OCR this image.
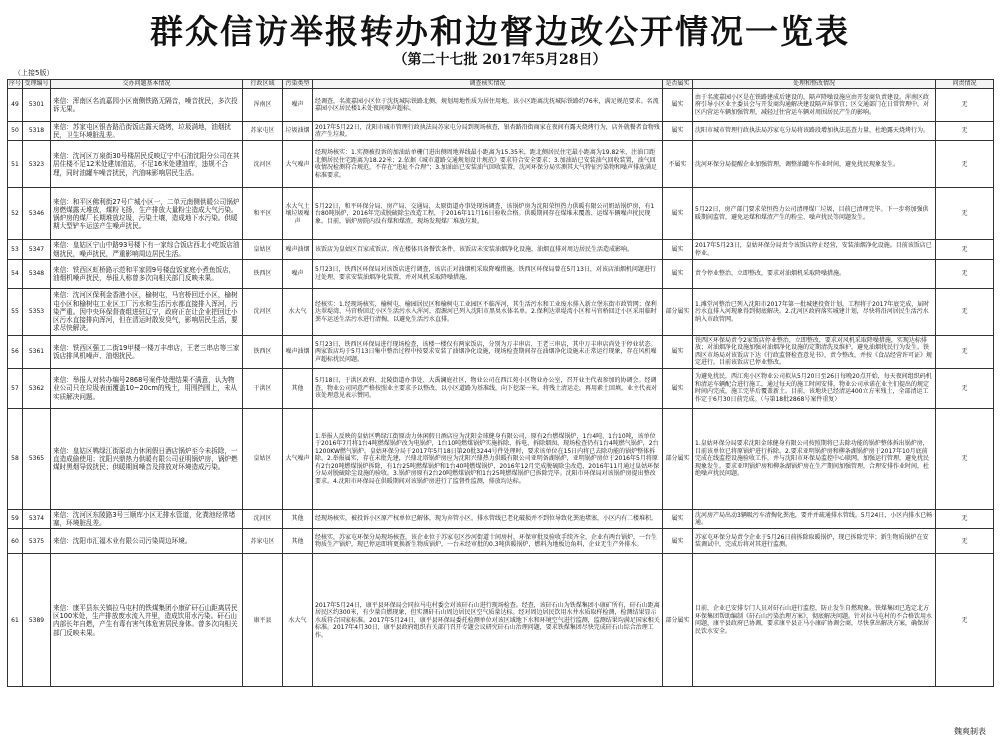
群众信访举报转办和边督边改公开情况一览表
（第二十七批 2017年5月28日）
（上接5版）
序号	受理编号	交办问题基本情况	行政区域	污染类型	调查核实情况	是否属实	处理和整改情况	问责情况
49	5301	来信：浑南区名流嘉园小区南侧铁路无隔音，噪音扰民，多次投诉无果。	浑南区	噪声	经调查，名流嘉园小区位于沈抚城际铁路北侧，规划用地性质为居住用地，该小区距离沈抚城际铁路约76米，满足规范要求。名流嘉园小区居民楼1未处夜间噪声超标。	属实	由于名流嘉园小区是在铁路建成后建设的，隔声降噪设施应由开发商负责建设。浑南区政府引导小区业主委员会与开发商沟通解决建设隔声屏事宜；区交通部门在日常管理中，对区内营运车辆加强管理，减轻过往营运车辆对周围居民产生的影响。	无
50	5318	来信：苏家屯区银杏路沿街饭店露天烧烤，垃圾满地，油烟扰民，卫生环境脏乱差。	苏家屯区	垃圾油烟	2017年5月22日，沈阳市城市管理行政执法局苏家屯分局到现场核查，银杏路沿街商家在夜间有露天烧烤行为，店外就餐者食物残渣产生垃圾。	属实	沈阳市城市管理行政执法局苏家屯分局将该路段增加执法巡查力量，杜绝露天烧烤行为。	无
51	5323	来信：沈河区万泉街30号楼居民反映辽宁中石油沈阳分公司在其居住楼不足12米处建加油站，不足16米处建油库，违规不合理，同时油罐车噪音扰民，汽油味影响居民生活。	沈河区	大气噪声	经现场核实：1.实测被投诉的加油站单栅门进出侧周地界线最小距离为15.35米，距北侧居民住宅最小距离为19.82米，注油口距北侧居民住宅距离为18.22米；2.依据《城市道路交通规划设计规范》要求符合安全要求；3.加油站已安装油气回收装置，油气回收情况检测符合规范，不存在“违址不合理”；3.加油站已安装油气回收装置，沈河环保分局实测其大气特征污染物和噪声排放满足标准要求。	不属实	沈河环保分局提醒企业加强管理，调整油罐车作业时间，避免扰民现象发生。	无
52	5346	来信：和平区佛利街27号广城小区一，二单元南侧供暖公司锅炉房燃煤露天堆放，煤粉飞扬，生产排放大量粉尘造成大气污染。锅炉房的煤厂长期堆放垃圾，污染土壤，造成地下水污染。供暖期大型铲车运送产生噪声扰民。	和平区	水大气土壤垃圾噪声	5月22日，和平环保分局、房产局、交通局、太原街道办事处现场调查，该锅炉房为沈阳荣恒热力供暖有限公司奶站锅炉房，有1台80吨锅炉，2016年完成脱硫除尘改造工程，于2016年11月16日验收合格。供暖期间存在煤堆未覆盖、运煤车辆噪声扰民现象。目前，锅炉房院内没有煤和煤渣，现场发现煤厂堆放垃圾。	属实	5月22日，房产部门要求荣恒热力公司清理煤厂垃圾，目前已清理完毕。下一步将加强供暖期间监管，避免运煤和煤渣产生的粉尘、噪声扰民等问题发生。	无
53	5347	来信：皇姑区宁山中路93号楼下有一家综合饭店西北小吃饭店油烟扰民，噪声扰民，严重影响周边居民生活。	皇姑区	噪声油烟	该饭店为皇姑区百家成饭店，所在楼体具备餐饮条件，该饭店未安装油烟净化设施，油烟直排对周边居民生活造成影响。	属实	2017年5月23日，皇姑环保分局责令该饭店停止经营，安装油烟净化设施。目前该饭店已停业。	无
54	5348	来信：铁西区虹桥路示范和平家园9号楼盘饭家庭小煮鱼饭店，油烟机噪声扰民，举报人称曾多次向相关部门反映未果。	铁西区	噪声	5月23日，铁西区环保局对该饭店进行调查，该店正对油烟机采取降噪措施。铁西区环保局曾在5月13日，对该店油烟机问题进行过处理，要求安装油烟净化装置，并对风机采取降噪措施。	属实	责令停业整治，立即整改，要求对油烟机采取降噪措施。	无
55	5353	来信：沈河区保利金香港小区，榆树屯，马官桥回迁小区，榆树屯小区和榆树屯工业区工厂污水和生活污水都直接排入浑河，污染严重。因中央环保督查组进驻辽宁，政府正在让企业把回迁小区污水直接排向浑河，但在清运时散发臭气，影响居民生活，要求尽快解决。	沈河区	水大气	经核实：1.经现场核实，榆树屯、榆园居民区和榆树屯工业园区不临浑河，其生活污水和工业废水排入新立堡东街市政管网；保利达翠堤湾、马官桥回迁小区生活污水入浑河，渭源河已列入沈阳市黑臭水体名单。2.保利达翠堤湾小区和马官桥回迁小区采用临时粪车运送生活污水进行清掏，以避免生活污水直排。	部分属实	1.滩堂河整治已列入沈阳市2017年第一批城建投资计划，工程将于2017年底完成，届时污水直排入河现象得到彻底解决。2.沈河区政府落实城建计划，尽快将沿河居民生活污水纳入市政管网。	无
56	5361	来信：铁西区强工二街19甲楼一楼万丰串店，王老三串店等三家饭店排风机噪声、油烟扰民。	铁西区	噪声油烟	5月23日，铁西区环保局进行现场检查，该楼一楼仅有两家饭店，分别为万丰串店、王老三串店，其中万丰串店尚处于停业状态。两家饭店均于5月13日集中整治过程中按要求安装了油烟净化设施，现场检查期间存在油烟净化设施未正常运行现象，存在风机噪声超标扰民问题。	属实	铁西区环保局责令2家饭店停业整治，立即整改，要求对风机采取降噪措施，实现达标排放；对油烟净化设施加强对油烟净化设施的定期清洗及维护，避免油烟扰民行为发生。铁西区市场局对该饭店下达《行政监督检查意见书》，责令整改，并按《食品经营许可证》规定进行，目前该饭店已停业整改。	无
57	5362	来信：举报人对转办编号2868号案件处理结果不满意，认为物业公司只在垃圾表面覆盖10~20cm的残土，用围挡围上，未从实质解决问题。	于洪区	其他	5月18日，于洪区政府、北陵街道办事处、大禹澜庭社区，物业公司在西江苑小区物业办公室，召开业主代表参加的协调会。经调查，物业公司同意严格按照业主要求予以整改，以小区道路为基准线，向下挖深一米，将残土清运走，再用素土回填，业主代表对该处理意见表示赞同。	属实	为避免扰民，西江苑小区物业公司拟从5月20日至26日每晚20点开始，每天夜间组织码机和清运车辆配合进行施工，通过每天的施工时间安排，物业公司承诺在业主们提出的规定时间内完成，施工完毕后覆盖新土。目前，该地块已经清运400立方米残土，全部清运工作定于6月30日前完成。（与第18批2868号案件重复）	无
58	5365	来信：皇姑区鸭绿江街原动力休闲假日酒店锅炉至今未拆除，一直造成偷使用；沈阳兴鼎热力供暖有限公司亚明锅炉房，锅炉燃煤时黑烟导致扰民；供暖期间噪音及排放对环境造成污染。	皇姑区	大气噪声	1.举报人反映的皇姑区鸭绿江街原动力休闲假日酒店应为沈阳金球健身有限公司，原有2台燃煤锅炉，1台4吨，1台10吨，该单位于2016年7月将1台4吨燃煤锅炉改为电锅炉，1台10吨燃煤锅炉实施拆除，拆电、拆除烟囱，现场检查仍有1台4吨燃气锅炉，2台1200KW燃气锅炉。皇姑环保分局于2017年5月18日第20批3244号件处理时，要求该单位在15日内将已去除功能的锅炉整体拆除。2.举报属实，存在未批先建，兴鼎北塔锅炉房应为沈阳兴鼎热力供暖有限公司亚明备湖锅炉，亚明锅炉房位于2016年5月将原有2台20吨燃煤锅炉拆除，有1台25吨燃煤锅炉和1台40吨燃煤锅炉，2016年12月完成脱硫除尘改造，2016年11月通过皇姑环保分局对脱硫除尘设施的验收。3.锅炉房原有2台20吨燃煤锅炉和1台25吨燃煤锅炉已拆除完毕。沈阳市环保局对该锅炉房提出整改要求。4.沈阳市环保局在供暖期间对该锅炉房进行了监督性监测，排放均达标。	部分属实	1.皇姑环保分局要求沈阳金球健身有限公司按照期将已去除功能的锅炉整体拆出锅炉房，目前该单位已将原锅炉进行拆除。2.要求亚明锅炉房和柳条湖锅炉房于2017年10月底前完成在线监控设施验收工作，并与沈阳市环保局监控中心联网，加强运行管理，避免扰民现象发生。要求亚明锅炉房和柳条湖锅炉房在生产期间加强管理，合理安排作业时间，杜绝噪声扰民问题。	无
59	5374	来信：沈河区东陵路3号三顺库小区无排水管道，化粪池经常堵塞，环境脏乱差。	沈河区	其他	经现场核实，被投诉小区原产权单位已解体，现为弃管小区。排水管线已老化破损并不到位导致化粪池堵塞，小区内有二楼堆积。	属实	沈河房产局出动3辆吸污车清掏化粪池，要并并疏通排水管线。5月24日，小区内排水已畅通。	无
60	5375	来信：沈阳市汇福木业有限公司污染周边环境。	苏家屯区	其他	经核实，苏家屯环保分局现场核查，该企业位于苏家屯区沙河街道十间房村，环保审批及验收手续齐全，企业有两台锅炉，一台生物质生产锅炉，现已停运即将更换新生物质锅炉，一台未经审批的0.3吨供暖锅炉，燃料为地板边角料，企业无生产外排水。	属实	苏家屯环保分局责令企业于5月26日前拆除取暖锅炉，现已拆除完毕；新生物质锅炉在安装调试中，完成后将对其进行监测。	无
61	5389	来信：康平县东关镇拉马屯村的铁煤集团小康矿矸石山距离居民区100米处，生产排放废水流入井里，造成饮用水污染。矸石山内部长年自燃，产生有毒有害气体危害居民身体。曾多次向相关部门反映未果。	康平县	水大气	2017年5月24日，康平县环保局会同拉马屯村委会对该矸石山进行现场检查。经查，该矸石山为铁煤集团小康矿所有，矸石山距离居民区约300米，有少量自燃现象，但实测矸石山周边居民区空气质量达标。经对周边居民饮用水井水质取样检测，检测结果显示水质符合国家标准。2017年5月24日，康平县环保局委托检测单位对该区域地下水和环境空气进行监测，监测结果均满足国家相关标准。2017年4月30日，康平县政府组织有关部门召开专题会议研究矸石山治理问题，要求铁煤集团尽快完成矸石山综合治理工作。	部分属实	目前，企业已安排专门人员对矸石山进行监控，防止发生自燃现象。铁煤集团已选定北方环保集团帮助编制《矸石山污染治理方案》，彻底解决问题。针对拉马屯村的不合格饮用水问题，康平县政府已协调，要求康平县正马小康矿协调会商，尽快拿出解决方案，确保居民饮水安全。	无
魏爽制表
